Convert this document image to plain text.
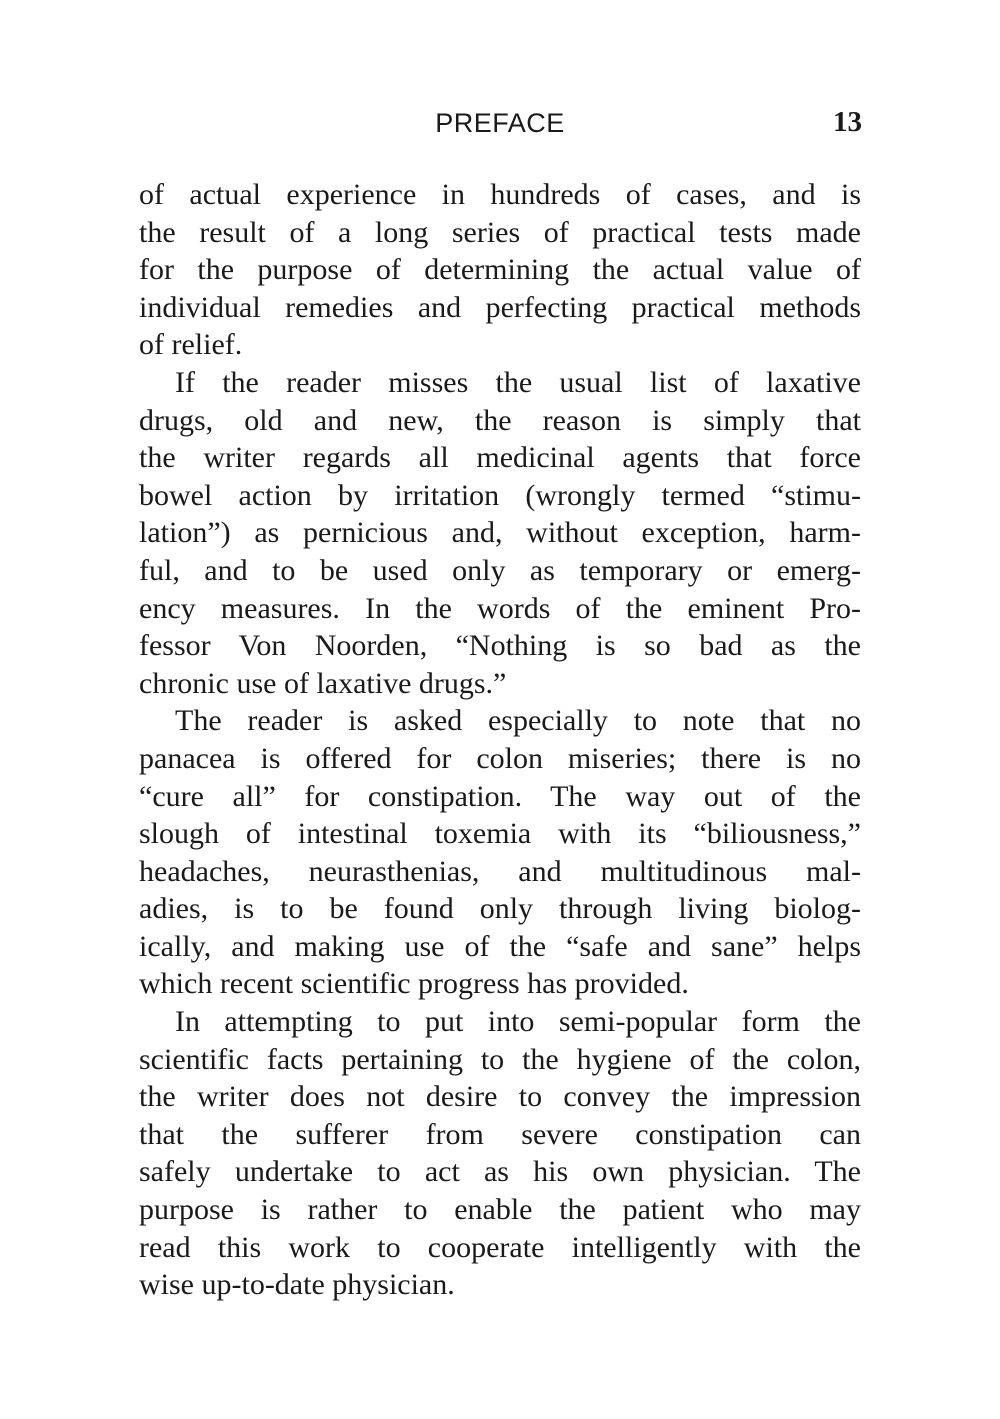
PREFACE	13
of actual experience in hundreds of cases, and is
the result of a long series of practical tests made
for the purpose of determining the actual value of
individual remedies and perfecting practical methods
of relief.
If the reader misses the usual list of laxative
drugs, old and new, the reason is simply that
the writer regards all medicinal agents that force
bowel action by irritation (wrongly termed “stimu-
lation”) as pernicious and, without exception, harm-
ful, and to be used only as temporary or emerg-
ency measures. In the words of the eminent Pro-
fessor Von Noorden, “Nothing is so bad as the
chronic use of laxative drugs.”
The reader is asked especially to note that no
panacea is offered for colon miseries; there is no
“cure all” for constipation. The way out of the
slough of intestinal toxemia with its “biliousness,”
headaches, neurasthenias, and multitudinous mal-
adies, is to be found only through living biolog-
ically, and making use of the “safe and sane” helps
which recent scientific progress has provided.
In attempting to put into semi-popular form the
scientific facts pertaining to the hygiene of the colon,
the writer does not desire to convey the impression
that the sufferer from severe constipation can
safely undertake to act as his own physician. The
purpose is rather to enable the patient who may
read this work to cooperate intelligently with the
wise up-to-date physician.
